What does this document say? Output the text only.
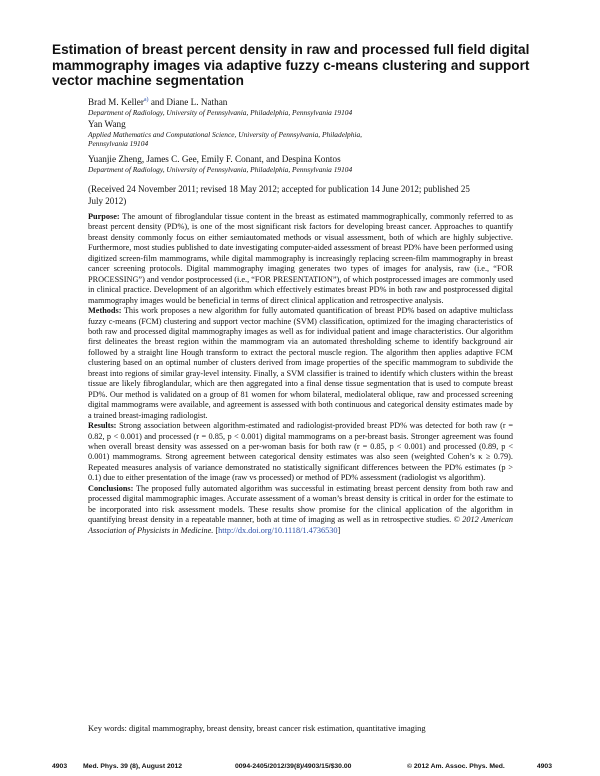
Estimation of breast percent density in raw and processed full field digital mammography images via adaptive fuzzy c-means clustering and support vector machine segmentation
Brad M. Keller$^{a)}$ and Diane L. Nathan
Department of Radiology, University of Pennsylvania, Philadelphia, Pennsylvania 19104
Yan Wang
Applied Mathematics and Computational Science, University of Pennsylvania, Philadelphia, Pennsylvania 19104
Yuanjie Zheng, James C. Gee, Emily F. Conant, and Despina Kontos
Department of Radiology, University of Pennsylvania, Philadelphia, Pennsylvania 19104
(Received 24 November 2011; revised 18 May 2012; accepted for publication 14 June 2012; published 25 July 2012)

Purpose: The amount of fibroglandular tissue content in the breast as estimated mammographically, commonly referred to as breast percent density (PD%), is one of the most significant risk factors for developing breast cancer. Approaches to quantify breast density commonly focus on either semiautomated methods or visual assessment, both of which are highly subjective. Furthermore, most studies published to date investigating computer-aided assessment of breast PD% have been performed using digitized screen-film mammograms, while digital mammography is increasingly replacing screen-film mammography in breast cancer screening protocols. Digital mammography imaging generates two types of images for analysis, raw (i.e., “FOR PROCESSING”) and vendor postprocessed (i.e., “FOR PRESENTATION”), of which postprocessed images are commonly used in clinical practice. Development of an algorithm which effectively estimates breast PD% in both raw and postprocessed digital mammography images would be beneficial in terms of direct clinical application and retrospective analysis.

Methods: This work proposes a new algorithm for fully automated quantification of breast PD% based on adaptive multiclass fuzzy c-means (FCM) clustering and support vector machine (SVM) classification, optimized for the imaging characteristics of both raw and processed digital mammography images as well as for individual patient and image characteristics. Our algorithm first delineates the breast region within the mammogram via an automated thresholding scheme to identify background air followed by a straight line Hough transform to extract the pectoral muscle region. The algorithm then applies adaptive FCM clustering based on an optimal number of clusters derived from image properties of the specific mammogram to subdivide the breast into regions of similar gray-level intensity. Finally, a SVM classifier is trained to identify which clusters within the breast tissue are likely fibroglandular, which are then aggregated into a final dense tissue segmentation that is used to compute breast PD%. Our method is validated on a group of 81 women for whom bilateral, mediolateral oblique, raw and processed screening digital mammograms were available, and agreement is assessed with both continuous and categorical density estimates made by a trained breast-imaging radiologist.

Results: Strong association between algorithm-estimated and radiologist-provided breast PD% was detected for both raw (r = 0.82, p < 0.001) and processed (r = 0.85, p < 0.001) digital mammograms on a per-breast basis. Stronger agreement was found when overall breast density was assessed on a per-woman basis for both raw (r = 0.85, p < 0.001) and processed (0.89, p < 0.001) mammograms. Strong agreement between categorical density estimates was also seen (weighted Cohen’s κ ≥ 0.79). Repeated measures analysis of variance demonstrated no statistically significant differences between the PD% estimates (p > 0.1) due to either presentation of the image (raw vs processed) or method of PD% assessment (radiologist vs algorithm).

Conclusions: The proposed fully automated algorithm was successful in estimating breast percent density from both raw and processed digital mammographic images. Accurate assessment of a woman’s breast density is critical in order for the estimate to be incorporated into risk assessment models. These results show promise for the clinical application of the algorithm in quantifying breast density in a repeatable manner, both at time of imaging as well as in retrospective studies. © 2012 American Association of Physicists in Medicine. [http://dx.doi.org/10.1118/1.4736530]

Key words: digital mammography, breast density, breast cancer risk estimation, quantitative imaging
4903 Med. Phys. 39 (8), August 2012	0094-2405/2012/39(8)/4903/15/$30.00	© 2012 Am. Assoc. Phys. Med.	4903
